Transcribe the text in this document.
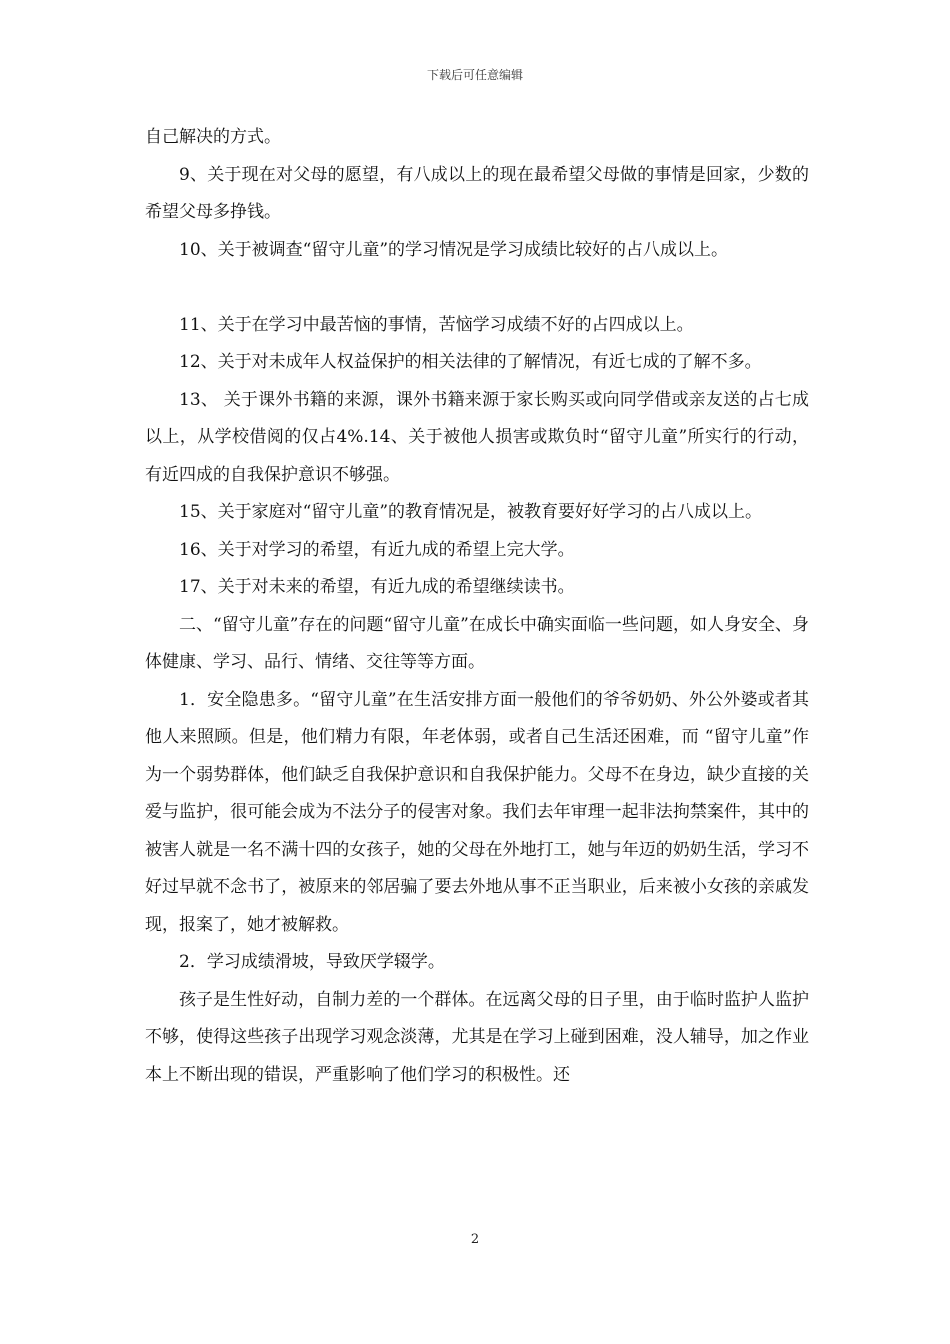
下载后可任意编辑

自己解决的方式。

9、关于现在对父母的愿望，有八成以上的现在最希望父母做的事情是回家，少数的希望父母多挣钱。

10、关于被调查“留守儿童”的学习情况是学习成绩比较好的占八成以上。

11、关于在学习中最苦恼的事情，苦恼学习成绩不好的占四成以上。

12、关于对未成年人权益保护的相关法律的了解情况，有近七成的了解不多。

13、 关于课外书籍的来源，课外书籍来源于家长购买或向同学借或亲友送的占七成以上，从学校借阅的仅占4%.14、关于被他人损害或欺负时“留守儿童”所实行的行动，有近四成的自我保护意识不够强。

15、关于家庭对“留守儿童”的教育情况是，被教育要好好学习的占八成以上。

16、关于对学习的希望，有近九成的希望上完大学。

17、关于对未来的希望，有近九成的希望继续读书。

二、“留守儿童”存在的问题“留守儿童”在成长中确实面临一些问题，如人身安全、身体健康、学习、品行、情绪、交往等等方面。

1．安全隐患多。“留守儿童”在生活安排方面一般他们的爷爷奶奶、外公外婆或者其他人来照顾。但是，他们精力有限，年老体弱，或者自己生活还困难，而 “留守儿童”作为一个弱势群体，他们缺乏自我保护意识和自我保护能力。父母不在身边，缺少直接的关爱与监护，很可能会成为不法分子的侵害对象。我们去年审理一起非法拘禁案件，其中的被害人就是一名不满十四的女孩子，她的父母在外地打工，她与年迈的奶奶生活，学习不好过早就不念书了，被原来的邻居骗了要去外地从事不正当职业，后来被小女孩的亲戚发现，报案了，她才被解救。

2．学习成绩滑坡，导致厌学辍学。

孩子是生性好动，自制力差的一个群体。在远离父母的日子里，由于临时监护人监护不够，使得这些孩子出现学习观念淡薄，尤其是在学习上碰到困难，没人辅导，加之作业本上不断出现的错误，严重影响了他们学习的积极性。还

2
